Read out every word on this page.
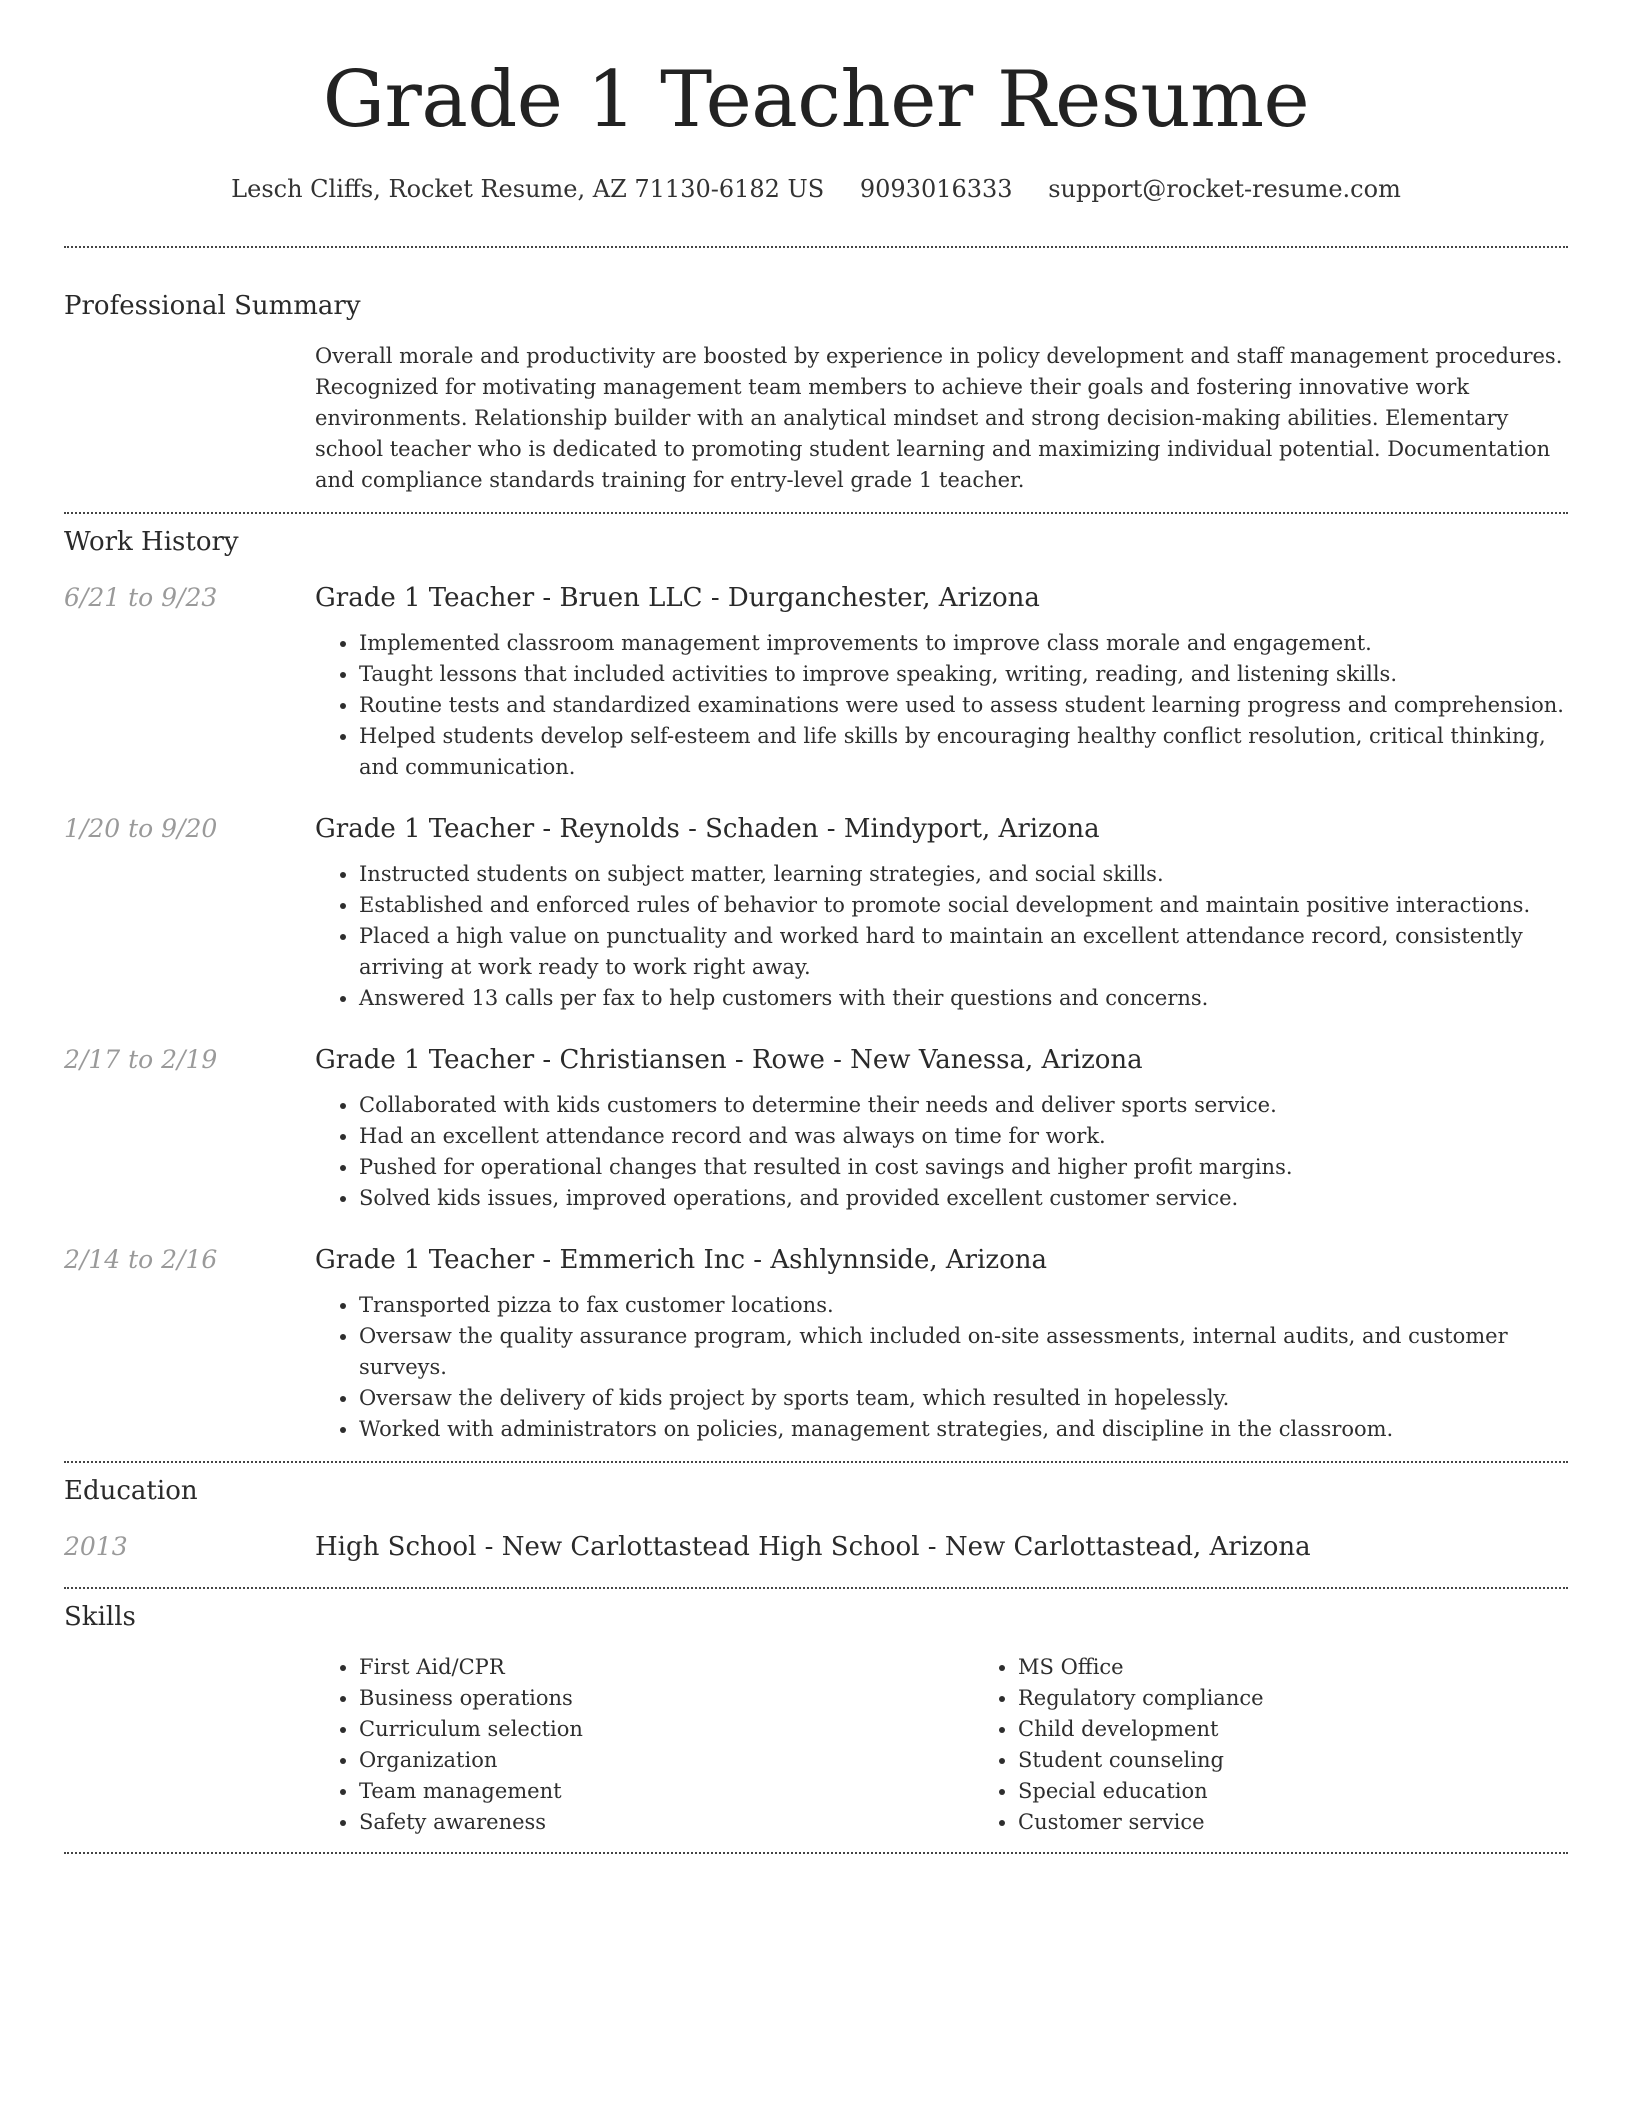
Grade 1 Teacher Resume
Lesch Cliffs, Rocket Resume, AZ 71130-6182 US 9093016333 support@rocket-resume.com
Professional Summary

Overall morale and productivity are boosted by experience in policy development and staff management procedures. Recognized for motivating management team members to achieve their goals and fostering innovative work environments. Relationship builder with an analytical mindset and strong decision-making abilities. Elementary school teacher who is dedicated to promoting student learning and maximizing individual potential. Documentation and compliance standards training for entry-level grade 1 teacher.

Work History
6/21 to 9/23	Grade 1 Teacher - Bruen LLC - Durganchester, Arizona
• Implemented classroom management improvements to improve class morale and engagement.
• Taught lessons that included activities to improve speaking, writing, reading, and listening skills.
• Routine tests and standardized examinations were used to assess student learning progress and comprehension.
• Helped students develop self-esteem and life skills by encouraging healthy conflict resolution, critical thinking, and communication.
1/20 to 9/20	Grade 1 Teacher - Reynolds - Schaden - Mindyport, Arizona
• Instructed students on subject matter, learning strategies, and social skills.
• Established and enforced rules of behavior to promote social development and maintain positive interactions.
• Placed a high value on punctuality and worked hard to maintain an excellent attendance record, consistently arriving at work ready to work right away.
• Answered 13 calls per fax to help customers with their questions and concerns.
2/17 to 2/19	Grade 1 Teacher - Christiansen - Rowe - New Vanessa, Arizona
• Collaborated with kids customers to determine their needs and deliver sports service.
• Had an excellent attendance record and was always on time for work.
• Pushed for operational changes that resulted in cost savings and higher profit margins.
• Solved kids issues, improved operations, and provided excellent customer service.
2/14 to 2/16	Grade 1 Teacher - Emmerich Inc - Ashlynnside, Arizona
• Transported pizza to fax customer locations.
• Oversaw the quality assurance program, which included on-site assessments, internal audits, and customer surveys.
• Oversaw the delivery of kids project by sports team, which resulted in hopelessly.
• Worked with administrators on policies, management strategies, and discipline in the classroom.
Education
2013	High School - New Carlottastead High School - New Carlottastead, Arizona
Skills
• First Aid/CPR
• Business operations
• Curriculum selection
• Organization
• Team management
• Safety awareness
• MS Office
• Regulatory compliance
• Child development
• Student counseling
• Special education
• Customer service
